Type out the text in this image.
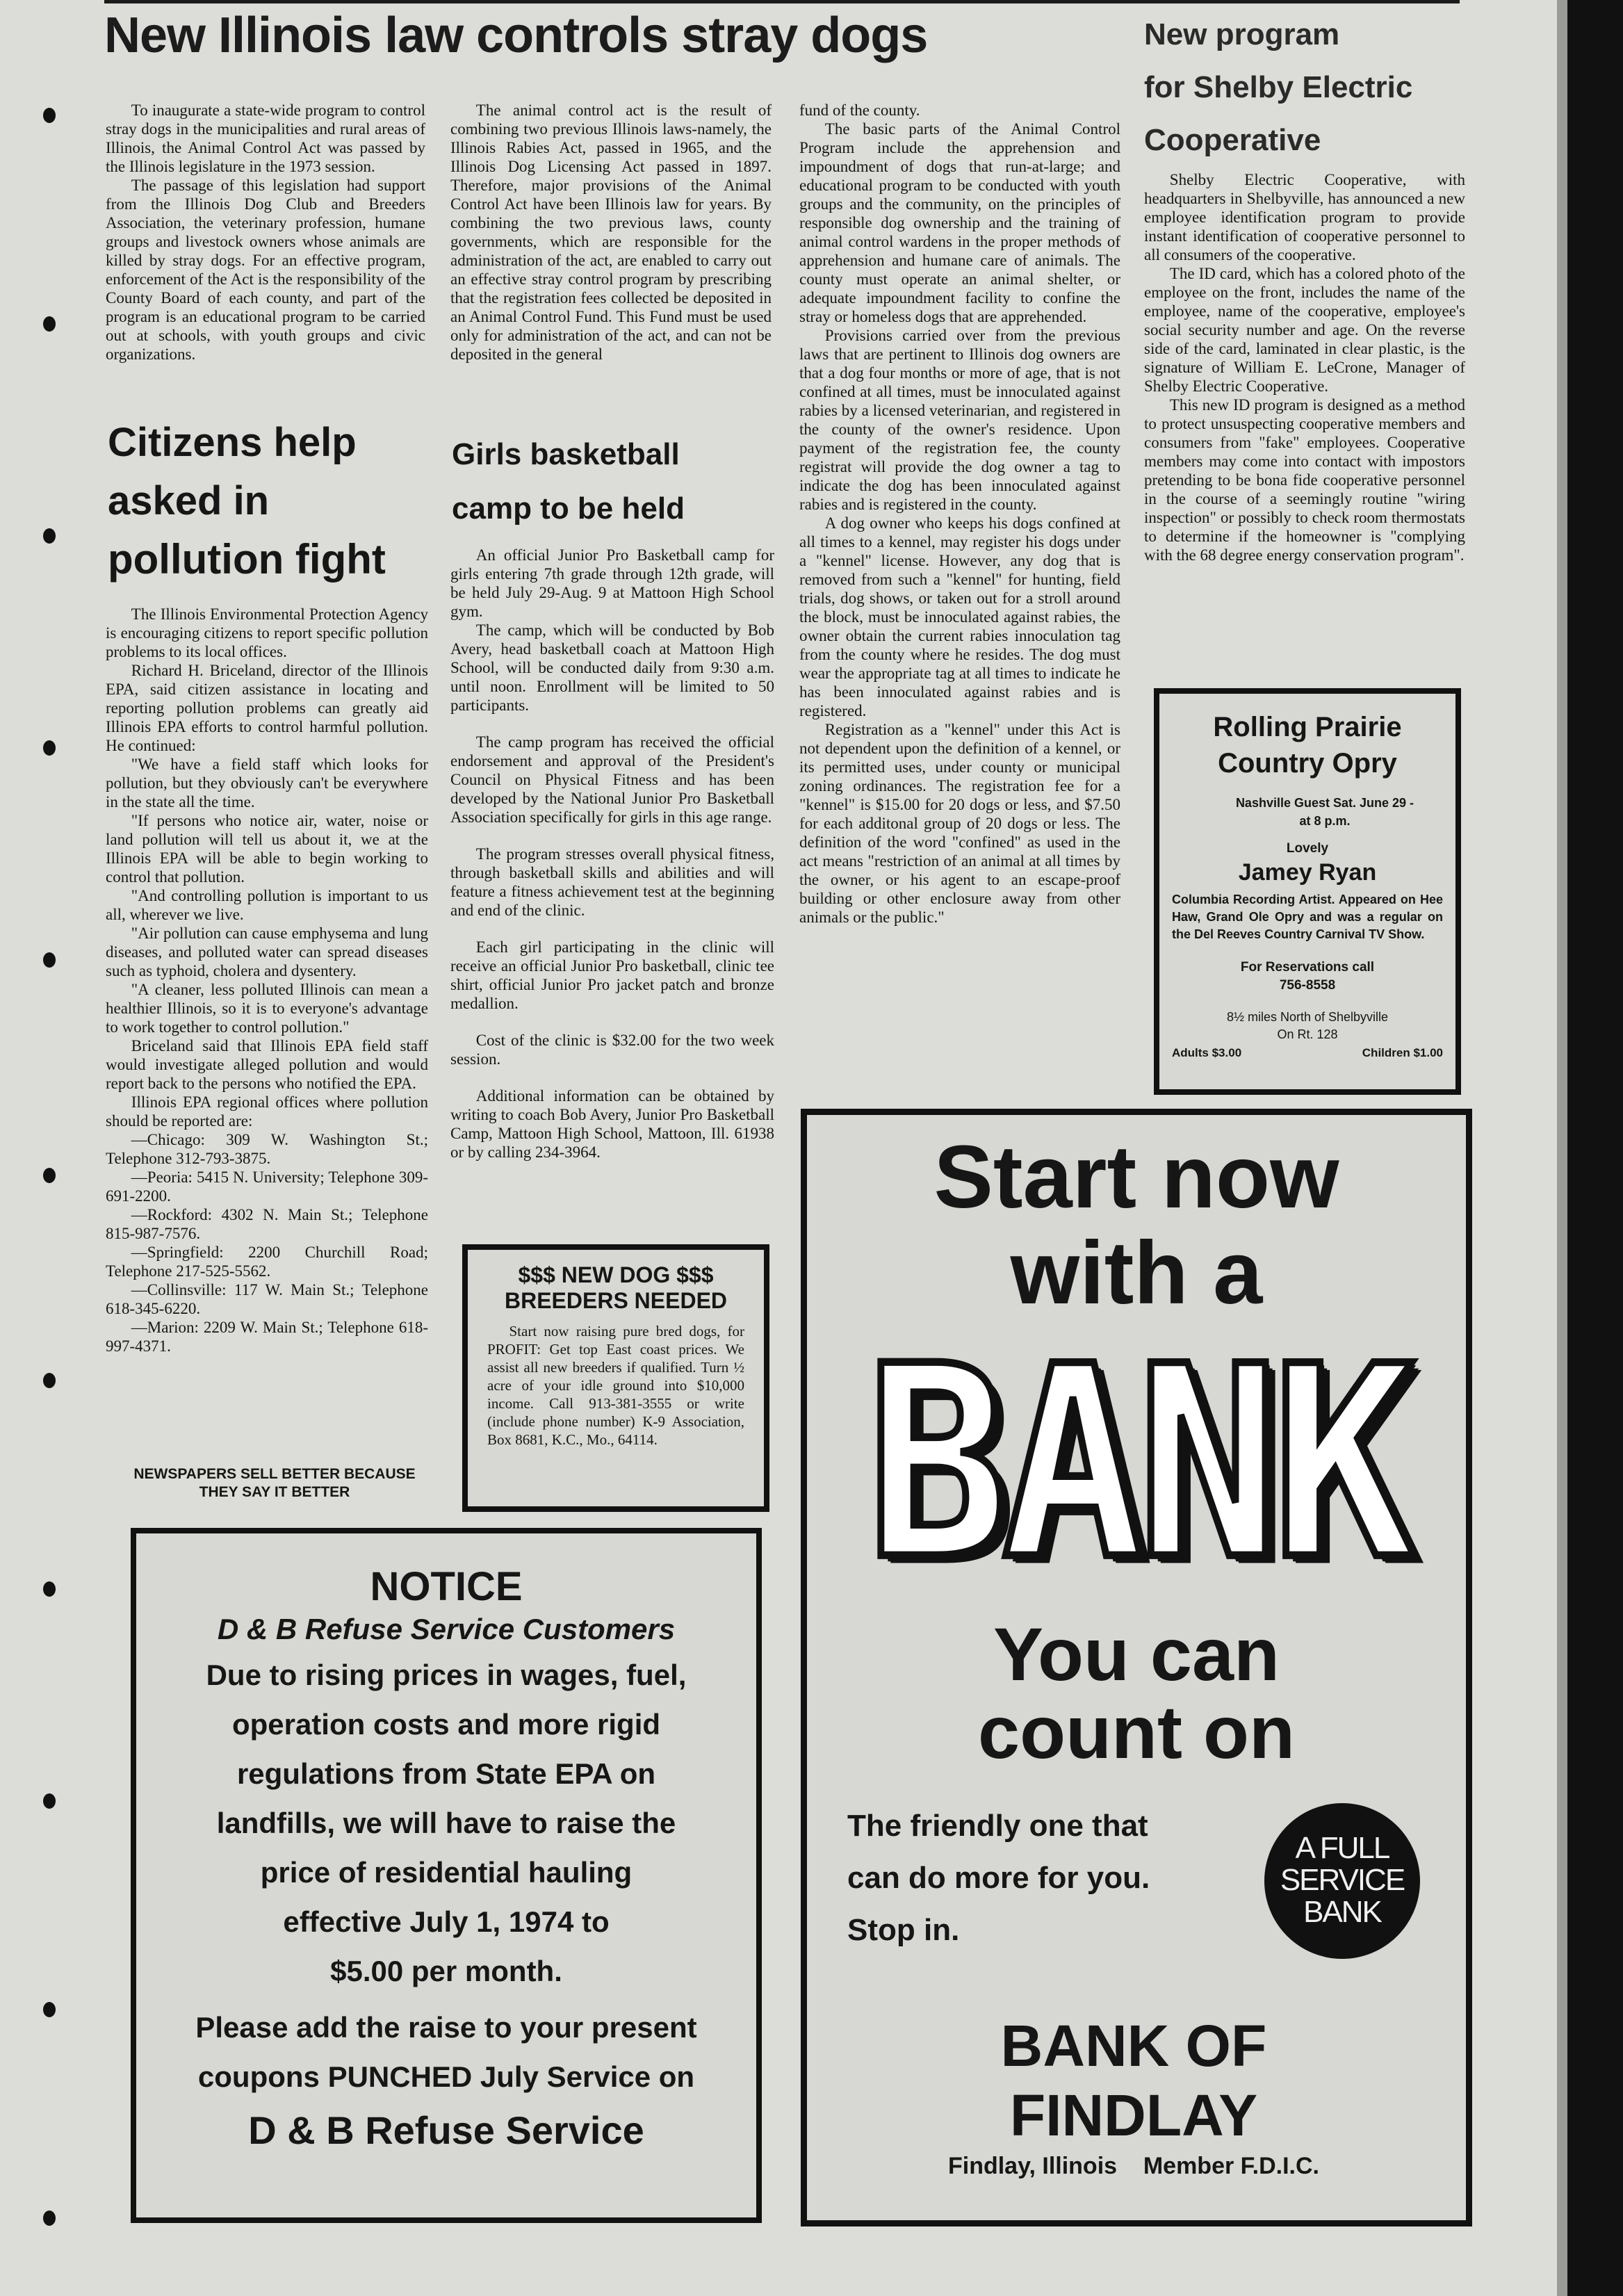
New Illinois law controls stray dogs

To inaugurate a state-wide program to control stray dogs in the municipalities and rural areas of Illinois, the Animal Control Act was passed by the Illinois legislature in the 1973 session.

The passage of this legislation had support from the Illinois Dog Club and Breeders Association, the veterinary profession, humane groups and livestock owners whose animals are killed by stray dogs. For an effective program, enforcement of the Act is the responsibility of the County Board of each county, and part of the program is an educational program to be carried out at schools, with youth groups and civic organizations.

The animal control act is the result of combining two previous Illinois laws-namely, the Illinois Rabies Act, passed in 1965, and the Illinois Dog Licensing Act passed in 1897. Therefore, major provisions of the Animal Control Act have been Illinois law for years. By combining the two previous laws, county governments, which are responsible for the administration of the act, are enabled to carry out an effective stray control program by prescribing that the registration fees collected be deposited in an Animal Control Fund. This Fund must be used only for administration of the act, and can not be deposited in the general

fund of the county.

The basic parts of the Animal Control Program include the apprehension and impoundment of dogs that run-at-large; and educational program to be conducted with youth groups and the community, on the principles of responsible dog ownership and the training of animal control wardens in the proper methods of apprehension and humane care of animals. The county must operate an animal shelter, or adequate impoundment facility to confine the stray or homeless dogs that are apprehended.

Provisions carried over from the previous laws that are pertinent to Illinois dog owners are that a dog four months or more of age, that is not confined at all times, must be innoculated against rabies by a licensed veterinarian, and registered in the county of the owner's residence. Upon payment of the registration fee, the county registrat will provide the dog owner a tag to indicate the dog has been innoculated against rabies and is registered in the county.

A dog owner who keeps his dogs confined at all times to a kennel, may register his dogs under a "kennel" license. However, any dog that is removed from such a "kennel" for hunting, field trials, dog shows, or taken out for a stroll around the block, must be innoculated against rabies, the owner obtain the current rabies innoculation tag from the county where he resides. The dog must wear the appropriate tag at all times to indicate he has been innoculated against rabies and is registered.

Registration as a "kennel" under this Act is not dependent upon the definition of a kennel, or its permitted uses, under county or municipal zoning ordinances. The registration fee for a "kennel" is $15.00 for 20 dogs or less, and $7.50 for each additonal group of 20 dogs or less. The definition of the word "confined" as used in the act means "restriction of an animal at all times by the owner, or his agent to an escape-proof building or other enclosure away from other animals or the public."

Citizens help
asked in
pollution fight

The Illinois Environmental Protection Agency is encouraging citizens to report specific pollution problems to its local offices.

Richard H. Briceland, director of the Illinois EPA, said citizen assistance in locating and reporting pollution problems can greatly aid Illinois EPA efforts to control harmful pollution. He continued:

"We have a field staff which looks for pollution, but they obviously can't be everywhere in the state all the time.

"If persons who notice air, water, noise or land pollution will tell us about it, we at the Illinois EPA will be able to begin working to control that pollution.

"And controlling pollution is important to us all, wherever we live.

"Air pollution can cause emphysema and lung diseases, and polluted water can spread diseases such as typhoid, cholera and dysentery.

"A cleaner, less polluted Illinois can mean a healthier Illinois, so it is to everyone's advantage to work together to control pollution."

Briceland said that Illinois EPA field staff would investigate alleged pollution and would report back to the persons who notified the EPA.

Illinois EPA regional offices where pollution should be reported are:

—Chicago: 309 W. Washington St.; Telephone 312-793-3875.

—Peoria: 5415 N. University; Telephone 309-691-2200.

—Rockford: 4302 N. Main St.; Telephone 815-987-7576.

—Springfield: 2200 Churchill Road; Telephone 217-525-5562.

—Collinsville: 117 W. Main St.; Telephone 618-345-6220.

—Marion: 2209 W. Main St.; Telephone 618-997-4371.

NEWSPAPERS SELL BETTER BECAUSE THEY SAY IT BETTER
Girls basketball
camp to be held

An official Junior Pro Basketball camp for girls entering 7th grade through 12th grade, will be held July 29-Aug. 9 at Mattoon High School gym.

The camp, which will be conducted by Bob Avery, head basketball coach at Mattoon High School, will be conducted daily from 9:30 a.m. until noon. Enrollment will be limited to 50 participants.

The camp program has received the official endorsement and approval of the President's Council on Physical Fitness and has been developed by the National Junior Pro Basketball Association specifically for girls in this age range.

The program stresses overall physical fitness, through basketball skills and abilities and will feature a fitness achievement test at the beginning and end of the clinic.

Each girl participating in the clinic will receive an official Junior Pro basketball, clinic tee shirt, official Junior Pro jacket patch and bronze medallion.

Cost of the clinic is $32.00 for the two week session.

Additional information can be obtained by writing to coach Bob Avery, Junior Pro Basketball Camp, Mattoon High School, Mattoon, Ill. 61938 or by calling 234-3964.

$$$ NEW DOG $$$
BREEDERS NEEDED
Start now raising pure bred dogs, for PROFIT: Get top East coast prices. We assist all new breeders if qualified. Turn ½ acre of your idle ground into $10,000 income. Call 913-381-3555 or write (include phone number) K-9 Association, Box 8681, K.C., Mo., 64114.
NOTICE
D & B Refuse Service Customers
Due to rising prices in wages, fuel,
operation costs and more rigid
regulations from State EPA on
landfills, we will have to raise the
price of residential hauling
effective July 1, 1974 to
$5.00 per month.
Please add the raise to your present
coupons PUNCHED July Service on
D & B Refuse Service
New program
for Shelby Electric
Cooperative

Shelby Electric Cooperative, with headquarters in Shelbyville, has announced a new employee identification program to provide instant identification of cooperative personnel to all consumers of the cooperative.

The ID card, which has a colored photo of the employee on the front, includes the name of the employee, name of the cooperative, employee's social security number and age. On the reverse side of the card, laminated in clear plastic, is the signature of William E. LeCrone, Manager of Shelby Electric Cooperative.

This new ID program is designed as a method to protect unsuspecting cooperative members and consumers from "fake" employees. Cooperative members may come into contact with impostors pretending to be bona fide cooperative personnel in the course of a seemingly routine "wiring inspection" or possibly to check room thermostats to determine if the homeowner is "complying with the 68 degree energy conservation program".

Rolling Prairie
Country Opry
Nashville Guest Sat. June 29 -
at 8 p.m.
Lovely
Jamey Ryan
Columbia Recording Artist. Appeared on Hee Haw, Grand Ole Opry and was a regular on the Del Reeves Country Carnival TV Show.
For Reservations call
756-8558
8½ miles North of Shelbyville
On Rt. 128
Adults $3.00	Children $1.00
Start now
with a
BANK
You can
count on
The friendly one that
can do more for you.
Stop in.
A FULL
SERVICE
BANK
BANK OF
FINDLAY
Findlay, Illinois    Member F.D.I.C.
